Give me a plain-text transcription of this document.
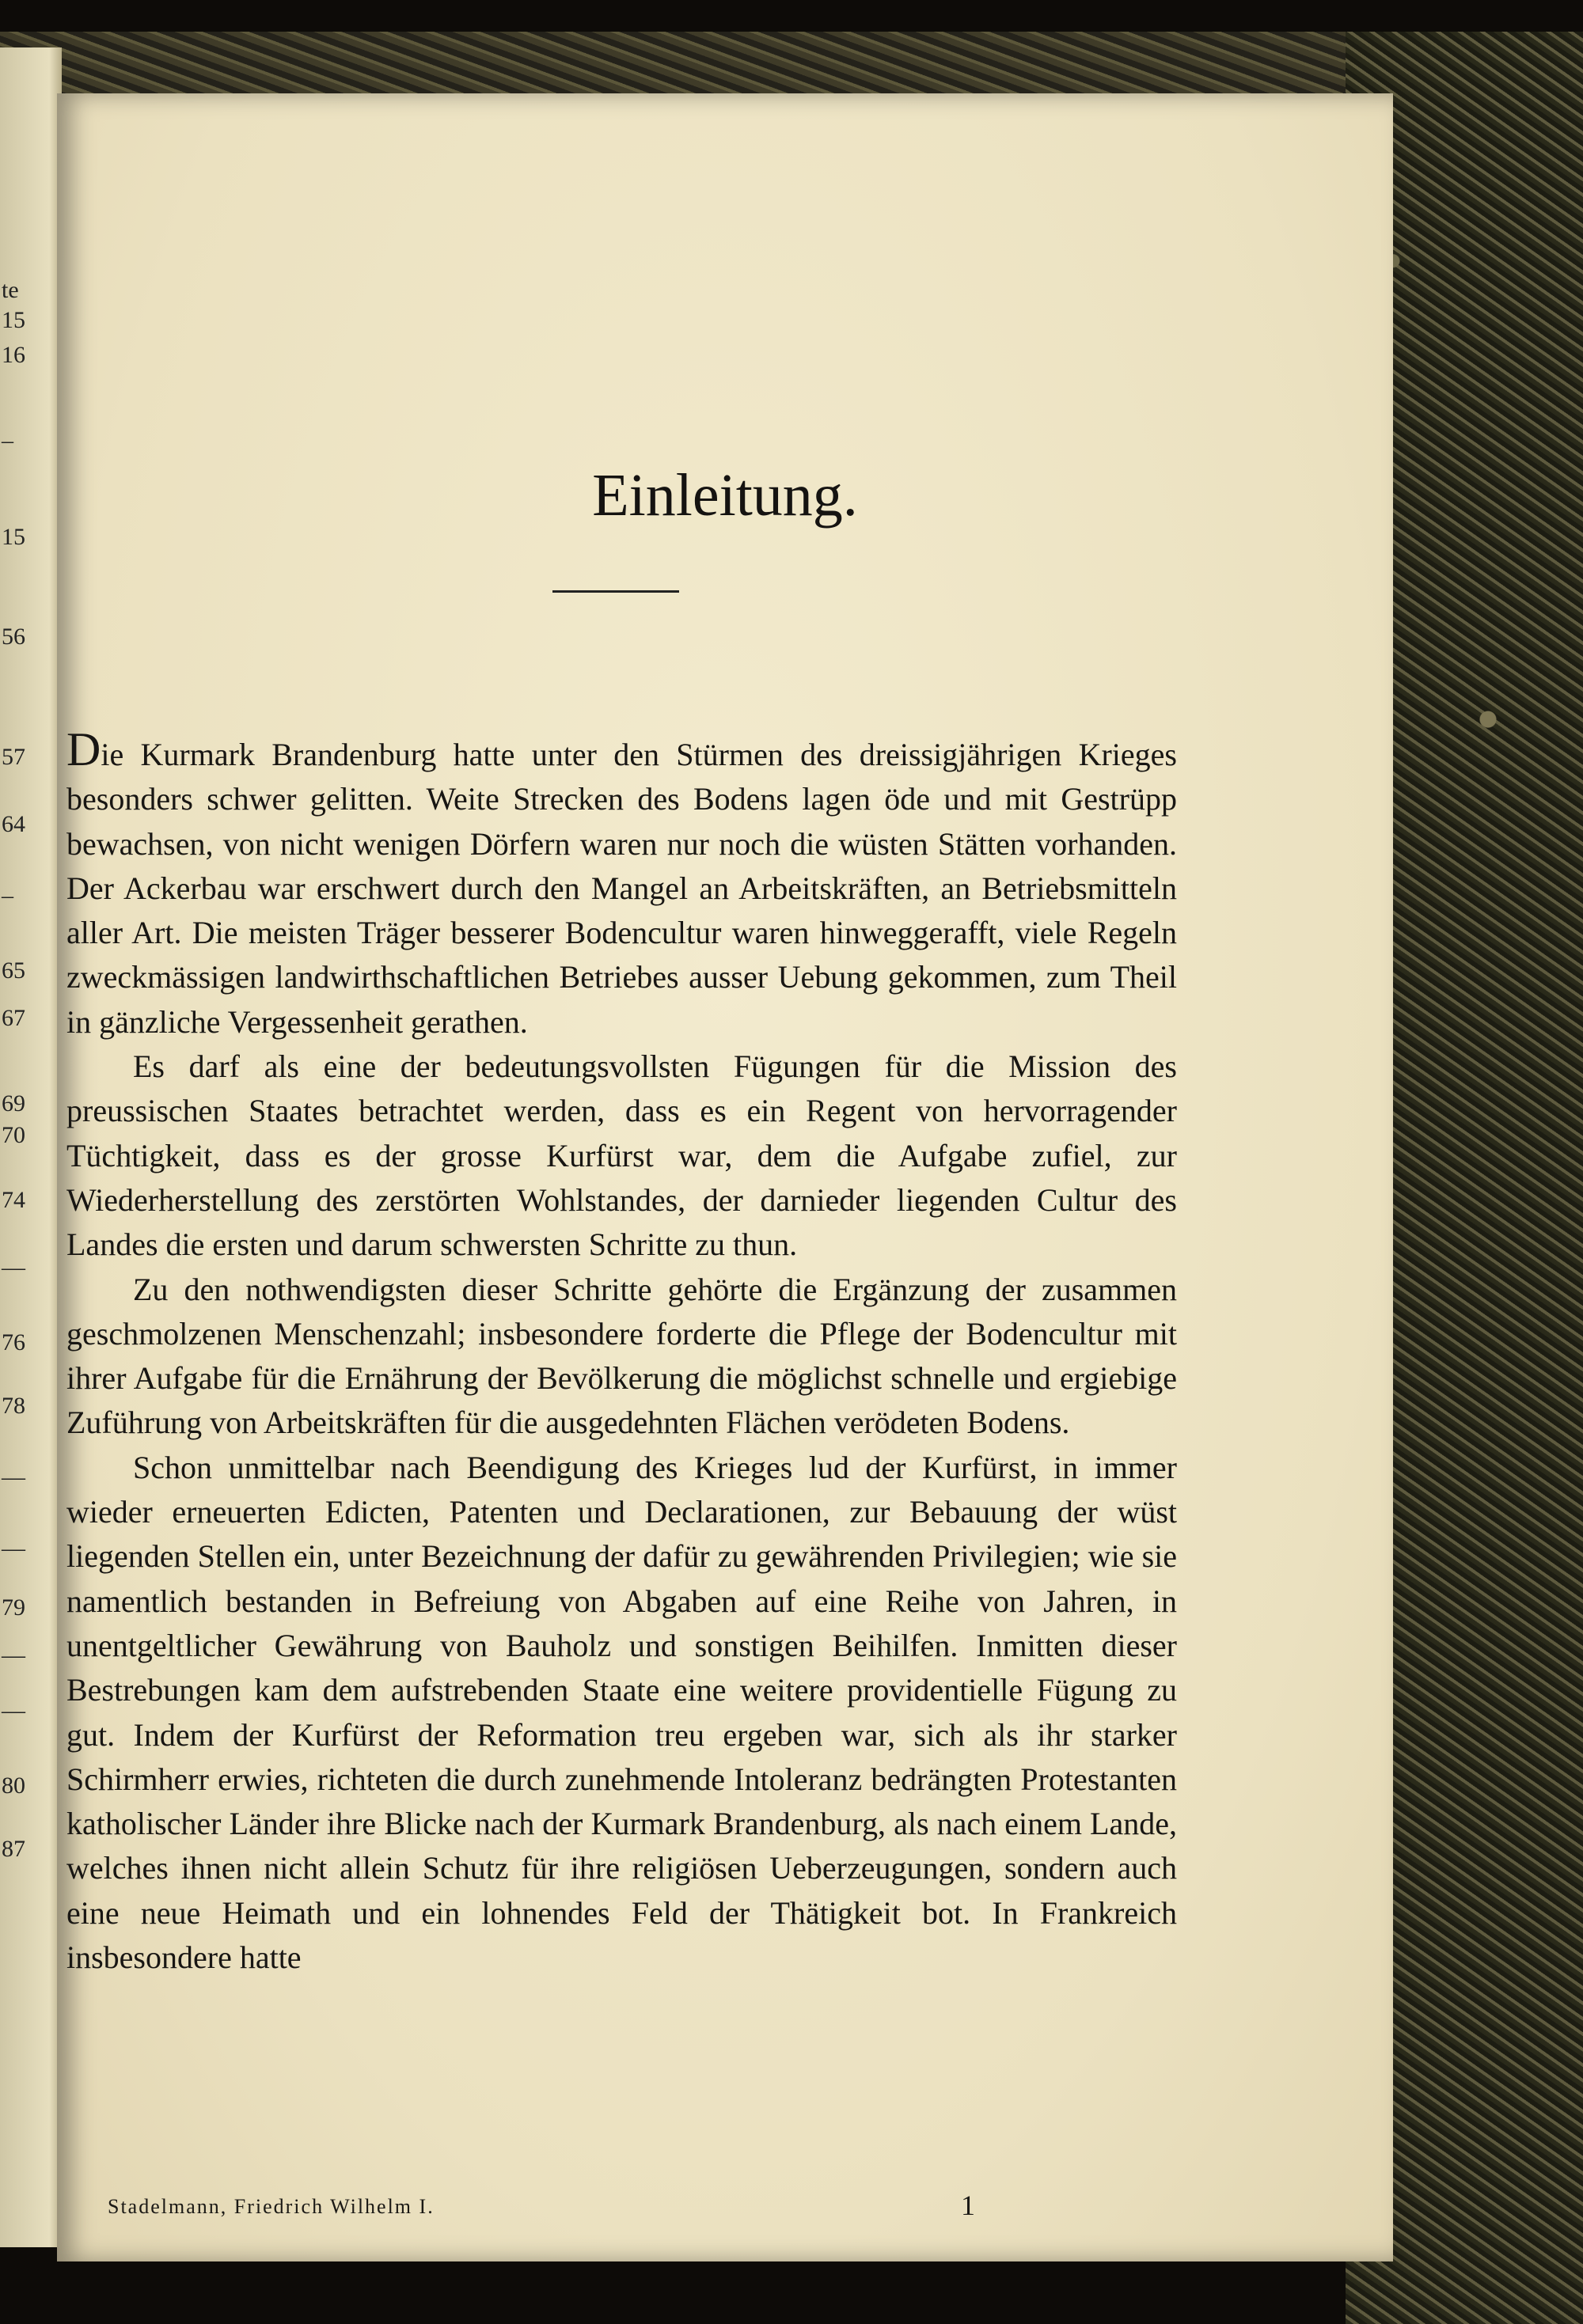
te
15
16
–
15
56
57
64
–
65
67
69
70
74
—
76
78
—
—
79
—
—
80
87
Einleitung.

Die Kurmark Brandenburg hatte unter den Stürmen des dreissigjährigen Krieges besonders schwer gelitten. Weite Strecken des Bodens lagen öde und mit Gestrüpp bewachsen, von nicht wenigen Dörfern waren nur noch die wüsten Stätten vorhanden. Der Ackerbau war erschwert durch den Mangel an Arbeitskräften, an Betriebsmitteln aller Art. Die meisten Träger besserer Bodencultur waren hinweggerafft, viele Regeln zweckmässigen landwirthschaftlichen Betriebes ausser Uebung gekommen, zum Theil in gänzliche Vergessenheit gerathen.

Es darf als eine der bedeutungsvollsten Fügungen für die Mission des preussischen Staates betrachtet werden, dass es ein Regent von hervorragender Tüchtigkeit, dass es der grosse Kurfürst war, dem die Aufgabe zufiel, zur Wiederherstellung des zerstörten Wohlstandes, der darnieder liegenden Cultur des Landes die ersten und darum schwersten Schritte zu thun.

Zu den nothwendigsten dieser Schritte gehörte die Ergänzung der zusammen geschmolzenen Menschenzahl; insbesondere forderte die Pflege der Bodencultur mit ihrer Aufgabe für die Ernährung der Bevölkerung die möglichst schnelle und ergiebige Zuführung von Arbeitskräften für die ausgedehnten Flächen verödeten Bodens.

Schon unmittelbar nach Beendigung des Krieges lud der Kurfürst, in immer wieder erneuerten Edicten, Patenten und Declarationen, zur Bebauung der wüst liegenden Stellen ein, unter Bezeichnung der dafür zu gewährenden Privilegien; wie sie namentlich bestanden in Befreiung von Abgaben auf eine Reihe von Jahren, in unentgeltlicher Gewährung von Bauholz und sonstigen Beihilfen. Inmitten dieser Bestrebungen kam dem aufstrebenden Staate eine weitere providentielle Fügung zu gut. Indem der Kurfürst der Reformation treu ergeben war, sich als ihr starker Schirmherr erwies, richteten die durch zunehmende Intoleranz bedrängten Protestanten katholischer Länder ihre Blicke nach der Kurmark Brandenburg, als nach einem Lande, welches ihnen nicht allein Schutz für ihre religiösen Ueberzeugungen, sondern auch eine neue Heimath und ein lohnendes Feld der Thätigkeit bot. In Frankreich insbesondere hatte

Stadelmann, Friedrich Wilhelm I.	1
